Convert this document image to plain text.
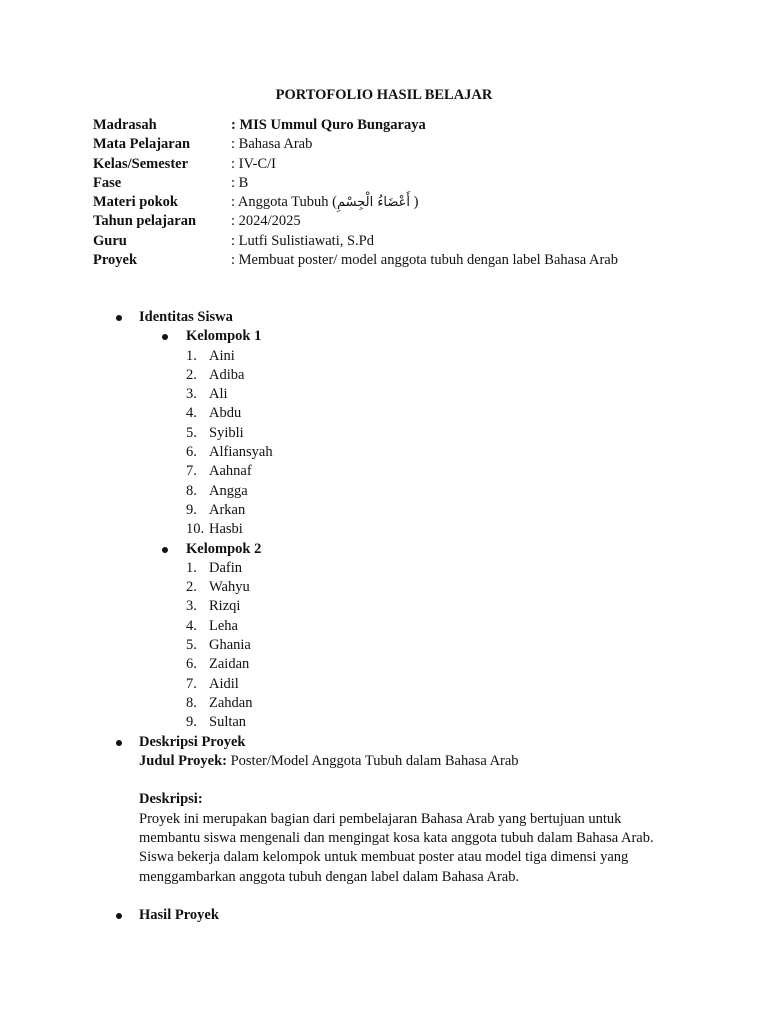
PORTOFOLIO HASIL BELAJAR
Madrasah	: MIS Ummul Quro Bungaraya
Mata Pelajaran	: Bahasa Arab
Kelas/Semester	: IV-C/I
Fase	: B
Materi pokok	: Anggota Tubuh (أَعْضَاءُ الْجِسْمِ )
Tahun pelajaran	: 2024/2025
Guru	: Lutfi Sulistiawati, S.Pd
Proyek	: Membuat poster/ model anggota tubuh dengan label Bahasa Arab
Identitas Siswa
Kelompok 1
1. Aini
2. Adiba
3. Ali
4. Abdu
5. Syibli
6. Alfiansyah
7. Aahnaf
8. Angga
9. Arkan
10. Hasbi
Kelompok 2
1. Dafin
2. Wahyu
3. Rizqi
4. Leha
5. Ghania
6. Zaidan
7. Aidil
8. Zahdan
9. Sultan
Deskripsi Proyek
Judul Proyek: Poster/Model Anggota Tubuh dalam Bahasa Arab
Deskripsi:
Proyek ini merupakan bagian dari pembelajaran Bahasa Arab yang bertujuan untuk membantu siswa mengenali dan mengingat kosa kata anggota tubuh dalam Bahasa Arab. Siswa bekerja dalam kelompok untuk membuat poster atau model tiga dimensi yang menggambarkan anggota tubuh dengan label dalam Bahasa Arab.
Hasil Proyek
